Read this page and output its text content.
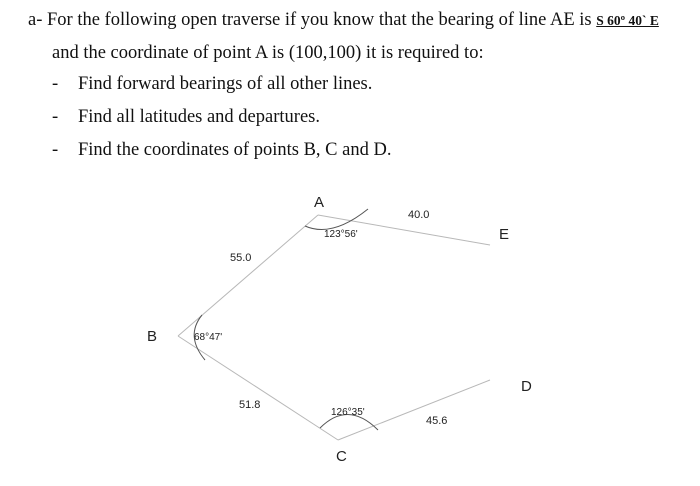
a- For the following open traverse if you know that the bearing of line AE is S 60º 40ˋ E
and the coordinate of point A is (100,100) it is required to:
- Find forward bearings of all other lines.
- Find all latitudes and departures.
- Find the coordinates of points B, C and D.
A
B
C
D
E
40.0
55.0
51.8
45.6
123°56'
68°47'
126°35'
